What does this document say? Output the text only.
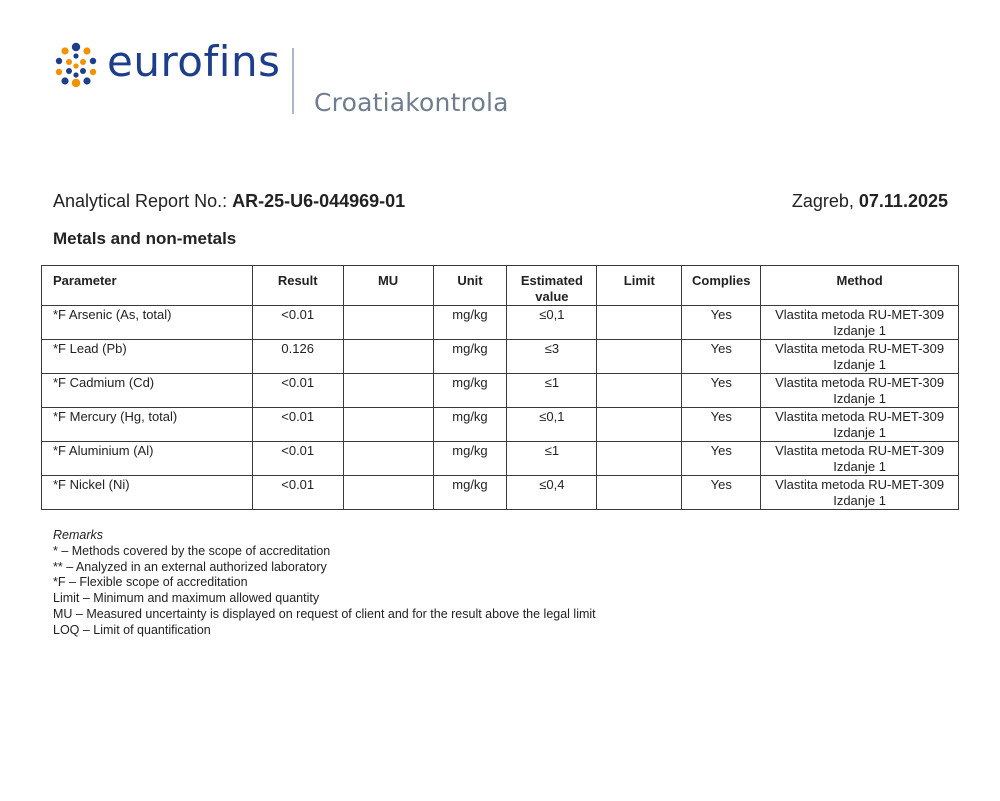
eurofins
Croatiakontrola
Analytical Report No.: AR-25-U6-044969-01	Zagreb, 07.11.2025
Metals and non-metals
Parameter	Result	MU	Unit	Estimated value	Limit	Complies	Method
*F Arsenic (As, total)	<0.01		mg/kg	≤0,1		Yes	Vlastita metoda RU-MET-309
Izdanje 1
*F Lead (Pb)	0.126		mg/kg	≤3		Yes	Vlastita metoda RU-MET-309
Izdanje 1
*F Cadmium (Cd)	<0.01		mg/kg	≤1		Yes	Vlastita metoda RU-MET-309
Izdanje 1
*F Mercury (Hg, total)	<0.01		mg/kg	≤0,1		Yes	Vlastita metoda RU-MET-309
Izdanje 1
*F Aluminium (Al)	<0.01		mg/kg	≤1		Yes	Vlastita metoda RU-MET-309
Izdanje 1
*F Nickel (Ni)	<0.01		mg/kg	≤0,4		Yes	Vlastita metoda RU-MET-309
Izdanje 1
Remarks
* – Methods covered by the scope of accreditation
** – Analyzed in an external authorized laboratory
*F – Flexible scope of accreditation
Limit – Minimum and maximum allowed quantity
MU – Measured uncertainty is displayed on request of client and for the result above the legal limit
LOQ – Limit of quantification
